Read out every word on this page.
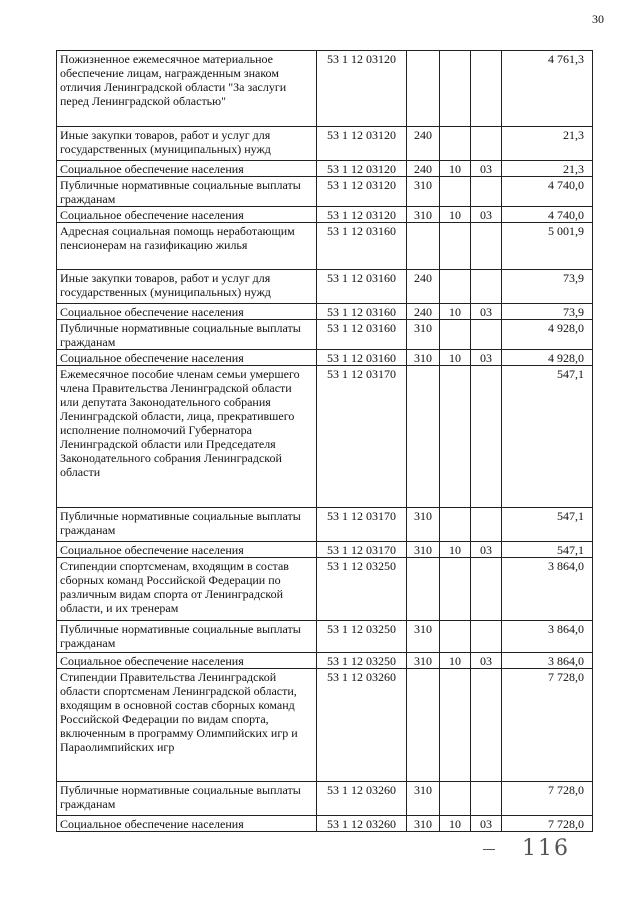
30
Пожизненное ежемесячное материальное обеспечение лицам, награжденным знаком отличия Ленинградской области "За заслуги перед Ленинградской областью"	53 1 12 03120				4 761,3
Иные закупки товаров, работ и услуг для государственных (муниципальных) нужд	53 1 12 03120	240			21,3
Социальное обеспечение населения	53 1 12 03120	240	10	03	21,3
Публичные нормативные социальные выплаты гражданам	53 1 12 03120	310			4 740,0
Социальное обеспечение населения	53 1 12 03120	310	10	03	4 740,0
Адресная социальная помощь неработающим пенсионерам на газификацию жилья	53 1 12 03160				5 001,9
Иные закупки товаров, работ и услуг для государственных (муниципальных) нужд	53 1 12 03160	240			73,9
Социальное обеспечение населения	53 1 12 03160	240	10	03	73,9
Публичные нормативные социальные выплаты гражданам	53 1 12 03160	310			4 928,0
Социальное обеспечение населения	53 1 12 03160	310	10	03	4 928,0
Ежемесячное пособие членам семьи умершего члена Правительства Ленинградской области или депутата Законодательного собрания Ленинградской области, лица, прекратившего исполнение полномочий Губернатора Ленинградской области или Председателя Законодательного собрания Ленинградской области	53 1 12 03170				547,1
Публичные нормативные социальные выплаты гражданам	53 1 12 03170	310			547,1
Социальное обеспечение населения	53 1 12 03170	310	10	03	547,1
Стипендии спортсменам, входящим в состав сборных команд Российской Федерации по различным видам спорта от Ленинградской области, и их тренерам	53 1 12 03250				3 864,0
Публичные нормативные социальные выплаты гражданам	53 1 12 03250	310			3 864,0
Социальное обеспечение населения	53 1 12 03250	310	10	03	3 864,0
Стипендии Правительства Ленинградской области спортсменам Ленинградской области, входящим в основной состав сборных команд Российской Федерации по видам спорта, включенным в программу Олимпийских игр и Параолимпийских игр	53 1 12 03260				7 728,0
Публичные нормативные социальные выплаты гражданам	53 1 12 03260	310			7 728,0
Социальное обеспечение населения	53 1 12 03260	310	10	03	7 728,0
116
